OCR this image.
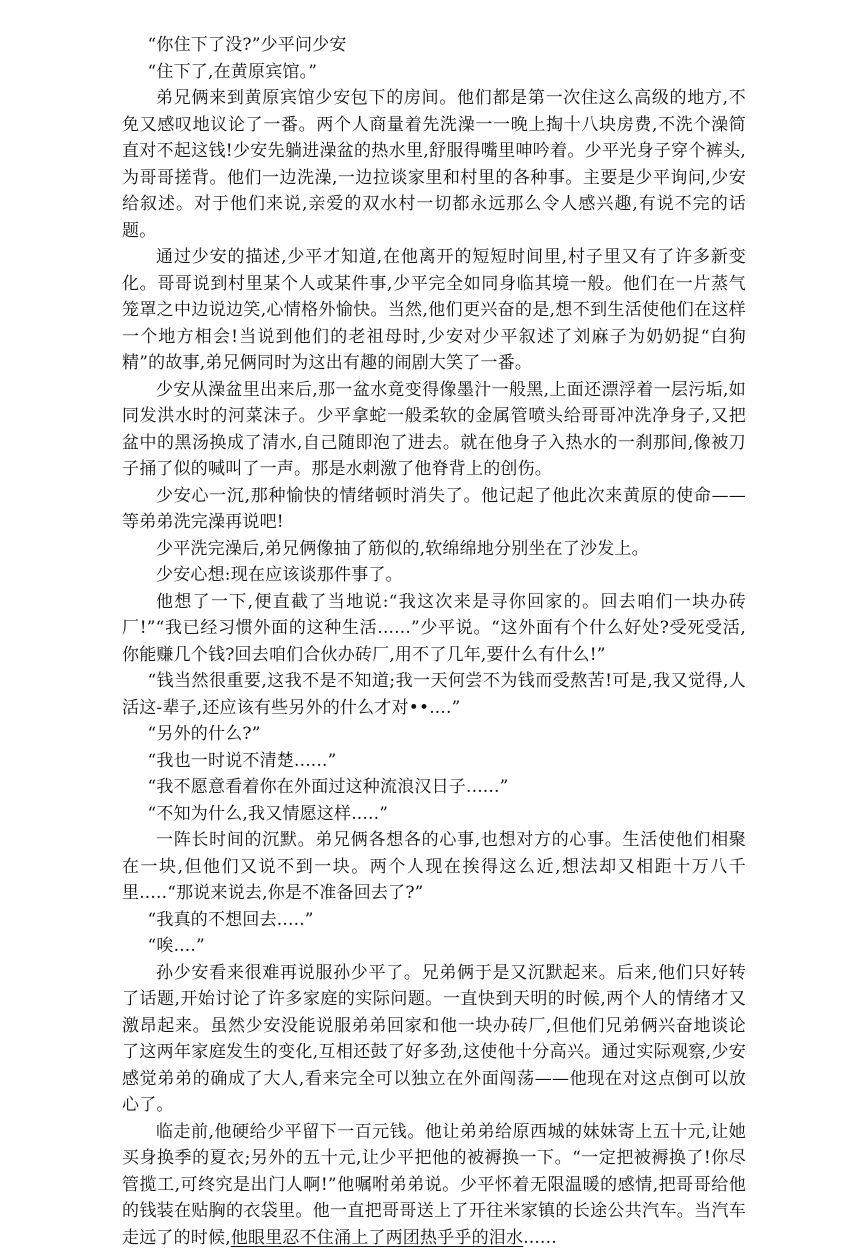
“你住下了没?”少平问少安

“住下了,在黄原宾馆。”

弟兄俩来到黄原宾馆少安包下的房间。他们都是第一次住这么高级的地方,不免又感叹地议论了一番。两个人商量着先洗澡一一晚上掏十八块房费,不洗个澡简直对不起这钱!少安先躺进澡盆的热水里,舒服得嘴里呻吟着。少平光身子穿个裤头,为哥哥搓背。他们一边洗澡,一边拉谈家里和村里的各种事。主要是少平询问,少安给叙述。对于他们来说,亲爱的双水村一切都永远那么令人感兴趣,有说不完的话题。

通过少安的描述,少平才知道,在他离开的短短时间里,村子里又有了许多新变化。哥哥说到村里某个人或某件事,少平完全如同身临其境一般。他们在一片蒸气笼罩之中边说边笑,心情格外愉快。当然,他们更兴奋的是,想不到生活使他们在这样一个地方相会!当说到他们的老祖母时,少安对少平叙述了刘麻子为奶奶捉“白狗精”的故事,弟兄俩同时为这出有趣的闹剧大笑了一番。

少安从澡盆里出来后,那一盆水竟变得像墨汁一般黑,上面还漂浮着一层污垢,如同发洪水时的河菜沫子。少平拿蛇一般柔软的金属管喷头给哥哥冲洗净身子,又把盆中的黑汤换成了清水,自己随即泡了进去。就在他身子入热水的一刹那间,像被刀子捅了似的喊叫了一声。那是水刺激了他脊背上的创伤。

少安心一沉,那种愉快的情绪顿时消失了。他记起了他此次来黄原的使命——等弟弟洗完澡再说吧!

少平洗完澡后,弟兄俩像抽了筋似的,软绵绵地分别坐在了沙发上。

少安心想:现在应该谈那件事了。

他想了一下,便直截了当地说:“我这次来是寻你回家的。回去咱们一块办砖厂!”“我已经习惯外面的这种生活......”少平说。“这外面有个什么好处?受死受活,你能赚几个钱?回去咱们合伙办砖厂,用不了几年,要什么有什么!”

“钱当然很重要,这我不是不知道;我一天何尝不为钱而受熬苦!可是,我又觉得,人活这-辈子,还应该有些另外的什么才对••....”

“另外的什么?”

“我也一时说不清楚......”

“我不愿意看着你在外面过这种流浪汉日子......”

“不知为什么,我又情愿这样.....”

一阵长时间的沉默。弟兄俩各想各的心事,也想对方的心事。生活使他们相聚在一块,但他们又说不到一块。两个人现在挨得这么近,想法却又相距十万八千里.....“那说来说去,你是不准备回去了?”

“我真的不想回去.....”

“唉....”

孙少安看来很难再说服孙少平了。兄弟俩于是又沉默起来。后来,他们只好转了话题,开始讨论了许多家庭的实际问题。一直快到天明的时候,两个人的情绪才又激昂起来。虽然少安没能说服弟弟回家和他一块办砖厂,但他们兄弟俩兴奋地谈论了这两年家庭发生的变化,互相还鼓了好多劲,这使他十分高兴。通过实际观察,少安感觉弟弟的确成了大人,看来完全可以独立在外面闯荡——他现在对这点倒可以放心了。

临走前,他硬给少平留下一百元钱。他让弟弟给原西城的妹妹寄上五十元,让她买身换季的夏衣;另外的五十元,让少平把他的被褥换一下。“一定把被褥换了!你尽管揽工,可终究是出门人啊!”他嘱咐弟弟说。少平怀着无限温暖的感情,把哥哥给他的钱装在贴胸的衣袋里。他一直把哥哥送上了开往米家镇的长途公共汽车。当汽车走远了的时候,他眼里忍不住涌上了两团热乎乎的泪水......
